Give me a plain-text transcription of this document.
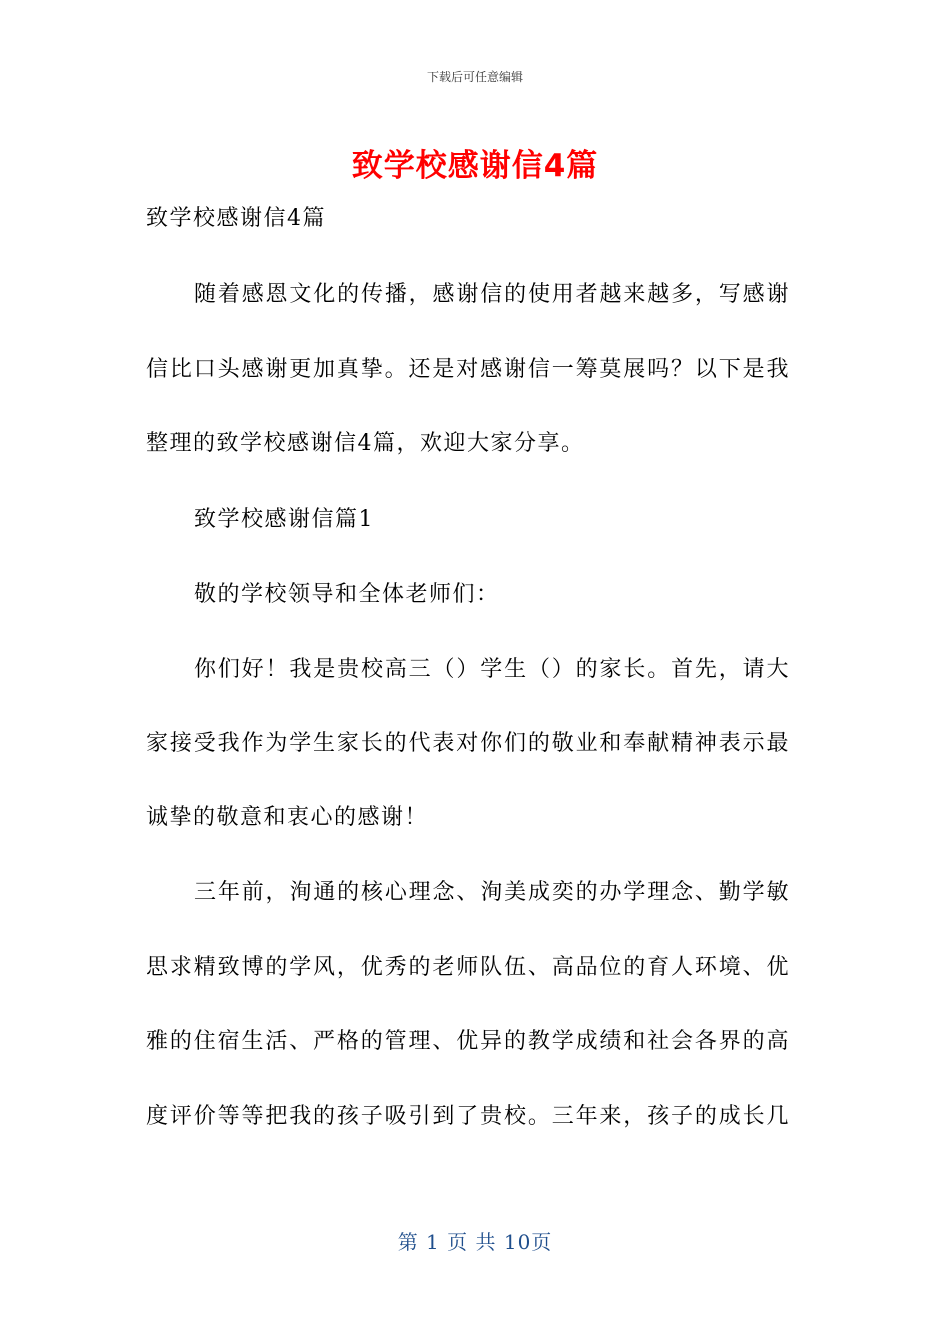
下载后可任意编辑
致学校感谢信4篇
致学校感谢信4篇
随着感恩文化的传播，感谢信的使用者越来越多，写感谢
信比口头感谢更加真挚。还是对感谢信一筹莫展吗？以下是我
整理的致学校感谢信4篇，欢迎大家分享。
致学校感谢信篇1
敬的学校领导和全体老师们：
你们好！我是贵校高三（）学生（）的家长。首先，请大
家接受我作为学生家长的代表对你们的敬业和奉献精神表示最
诚挚的敬意和衷心的感谢！
三年前，洵通的核心理念、洵美成奕的办学理念、勤学敏
思求精致博的学风，优秀的老师队伍、高品位的育人环境、优
雅的住宿生活、严格的管理、优异的教学成绩和社会各界的高
度评价等等把我的孩子吸引到了贵校。三年来，孩子的成长几
第 1 页 共 10页
